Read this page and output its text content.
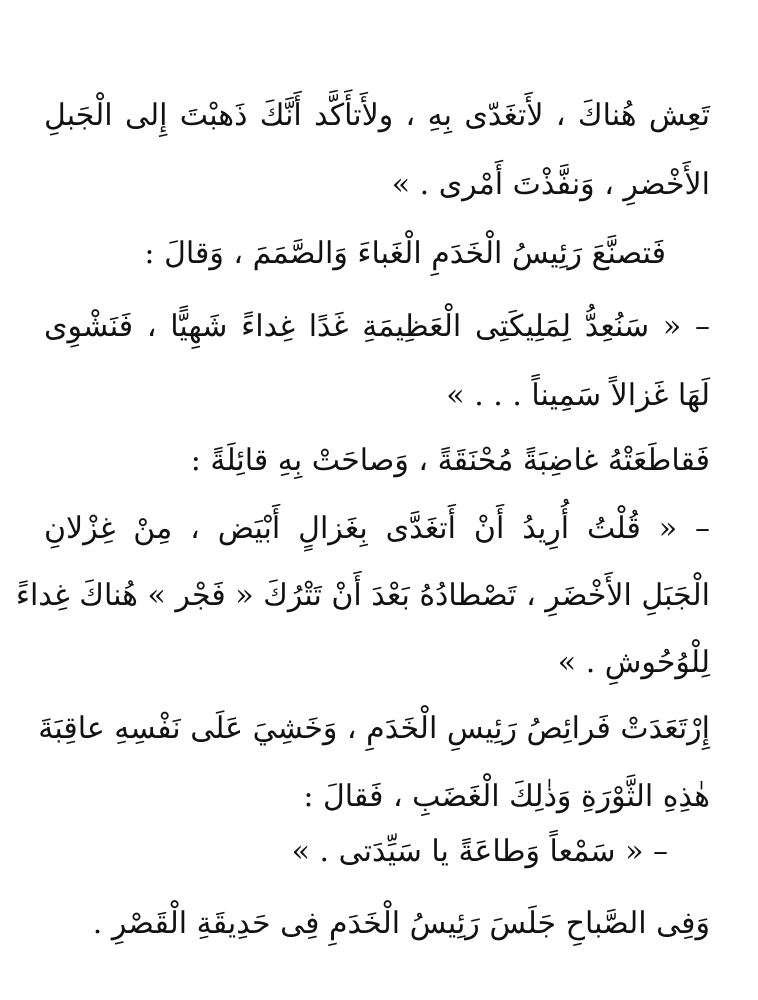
تَعِش هُناكَ ، لأَتغَدّى بِهِ ، ولأَتأَكَّد أَنَّكَ ذَهبْتَ إِلى الْجَبلِ
الأَخْضرِ ، وَنفَّذْتَ أَمْرى . »
فَتصنَّعَ رَئِيسُ الْخَدَمِ الْغَباءَ وَالصَّمَمَ ، وَقالَ :
– « سَنُعِدُّ لِمَلِيكَتِى الْعَظِيمَةِ غَدًا غِداءً شَهِيًّا ، فَنَشْوِى
لَهَا غَزالاً سَمِيناً . . . »
فَقاطَعَتْهُ غاضِبَةً مُحْنَقَةً ، وَصاحَتْ بِهِ قائِلَةً :
– « قُلْتُ أُرِيدُ أَنْ أَتغَدَّى بِغَزالٍ أَبْيَض ، مِنْ غِزْلانِ
الْجَبَلِ الأَخْضَرِ ، تَصْطادُهُ بَعْدَ أَنْ تَتْرُكَ « فَجْر » هُناكَ غِداءً
لِلْوُحُوشِ . »
إِرْتَعَدَتْ فَرائِصُ رَئِيسِ الْخَدَمِ ، وَخَشِيَ عَلَى نَفْسِهِ عاقِبَةَ
هٰذِهِ الثَّوْرَةِ وَذٰلِكَ الْغَضَبِ ، فَقالَ :
– « سَمْعاً وَطاعَةً يا سَيِّدَتى . »
وَفِى الصَّباحِ جَلَسَ رَئِيسُ الْخَدَمِ فِى حَدِيقَةِ الْقَصْرِ .
